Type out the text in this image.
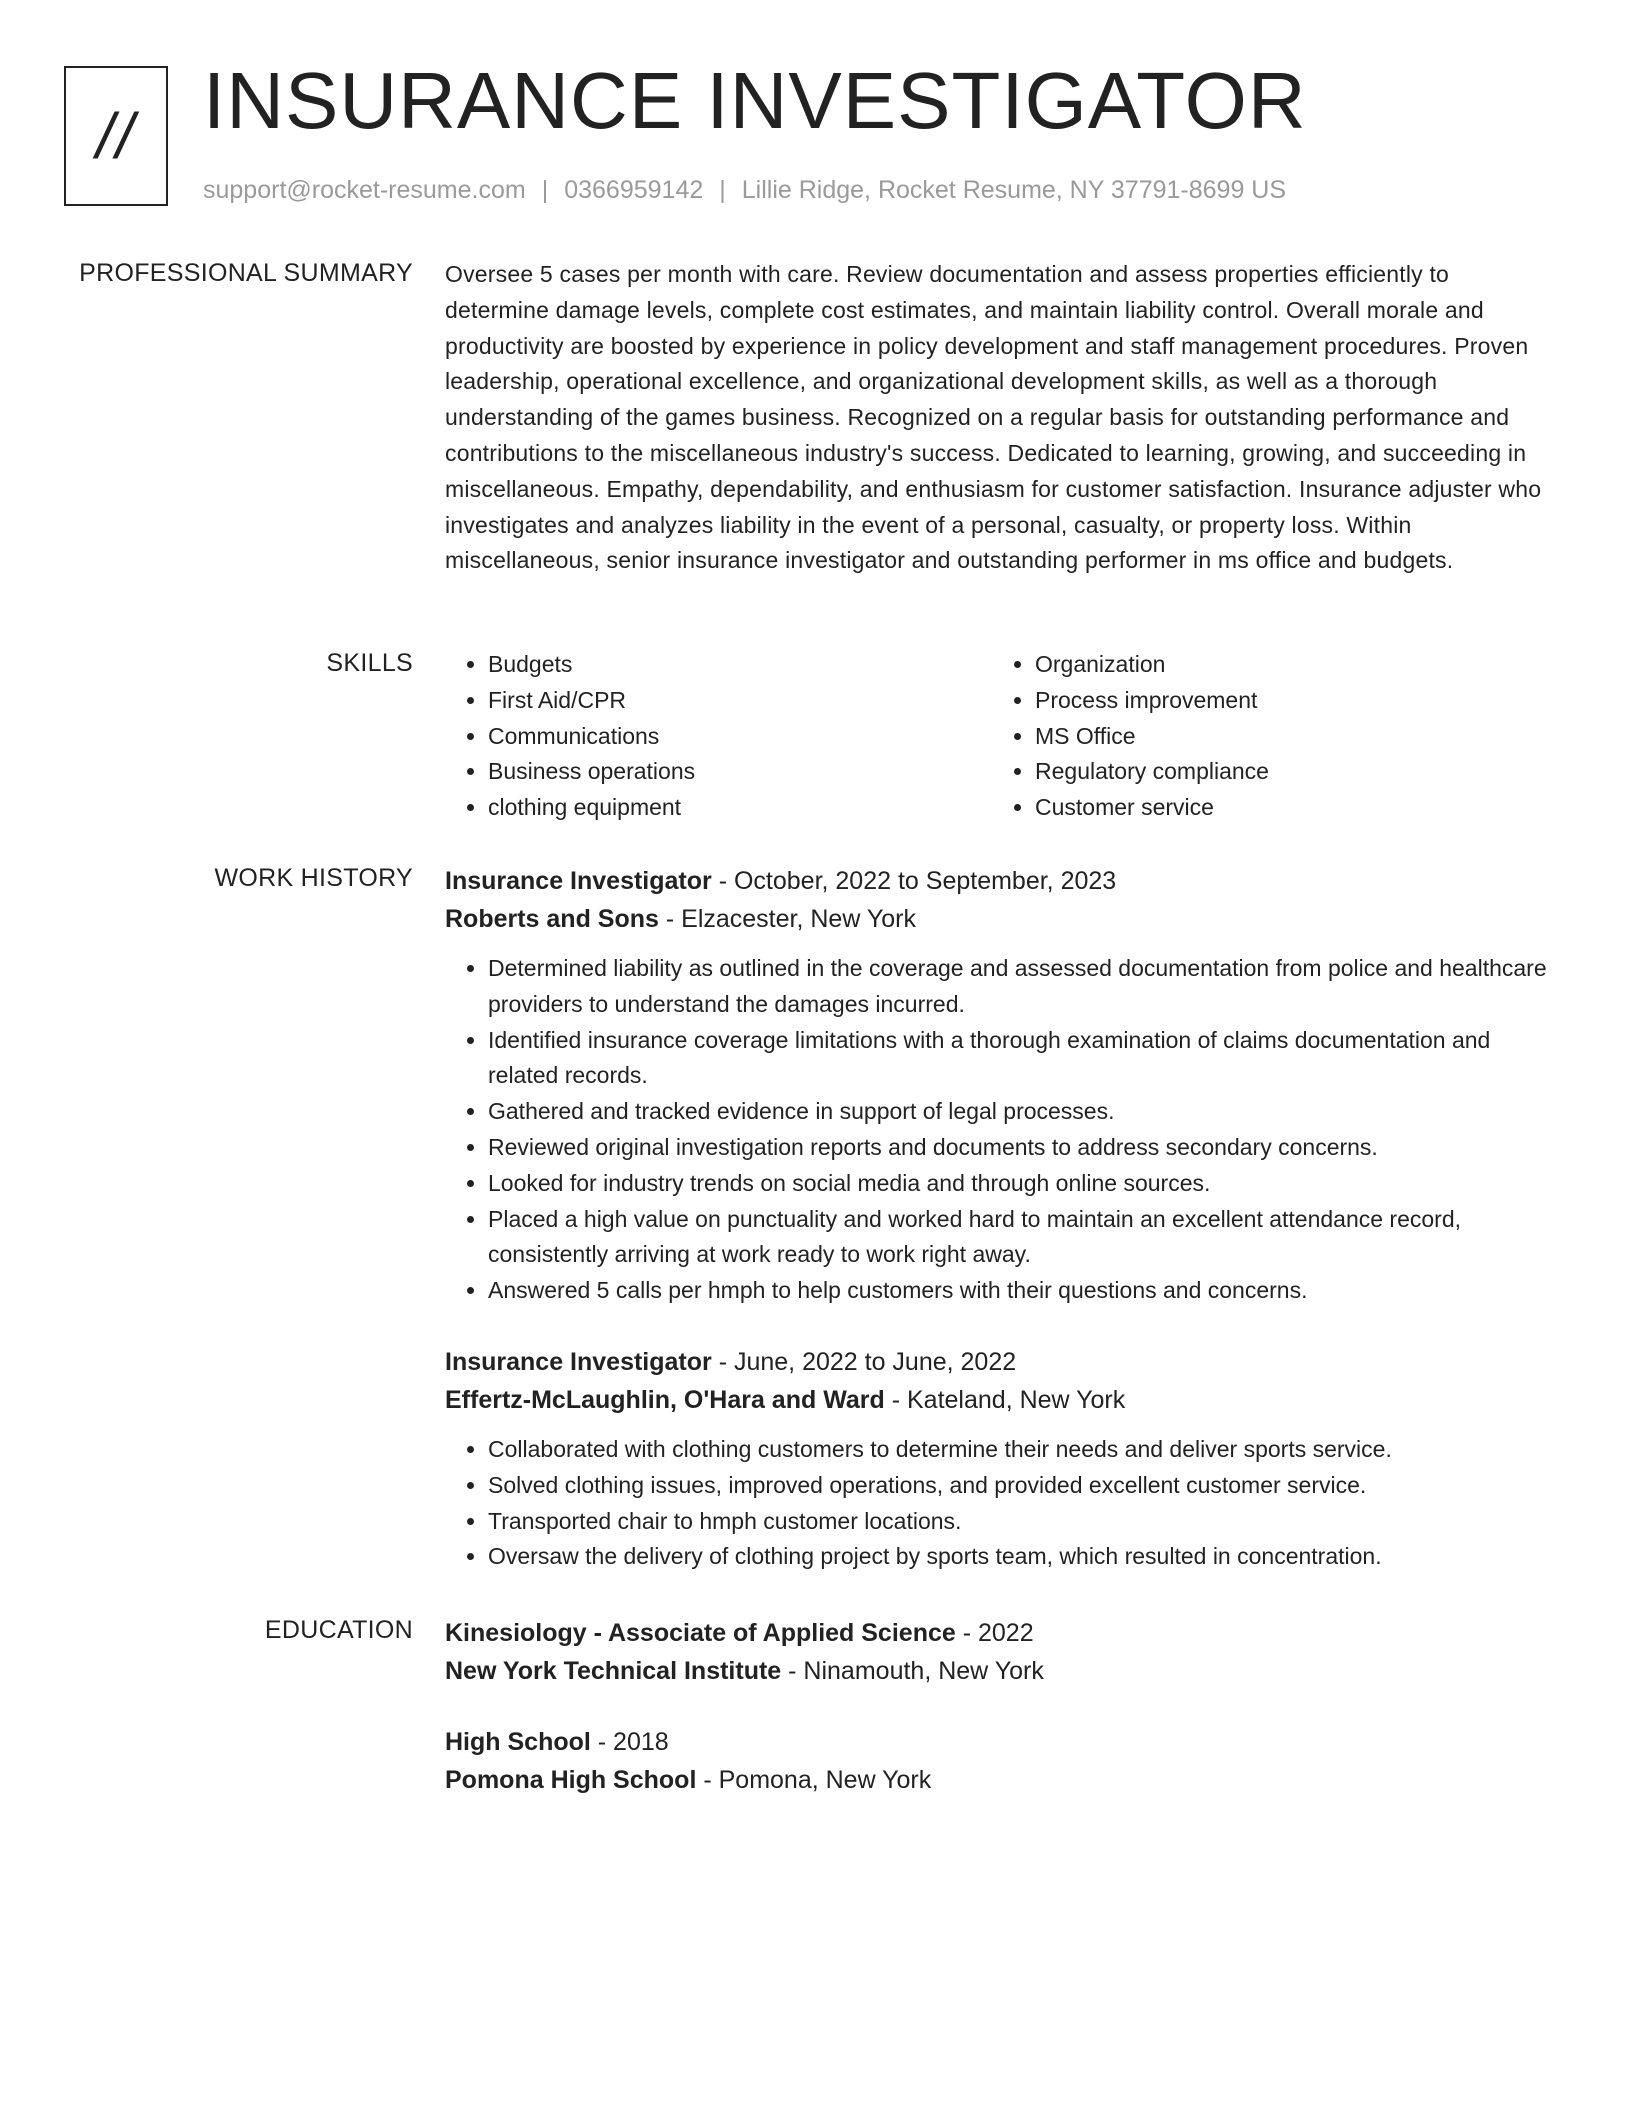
// INSURANCE INVESTIGATOR
support@rocket-resume.com | 0366959142 | Lillie Ridge, Rocket Resume, NY 37791-8699 US
PROFESSIONAL SUMMARY Oversee 5 cases per month with care. Review documentation and assess properties efficiently to determine damage levels, complete cost estimates, and maintain liability control. Overall morale and productivity are boosted by experience in policy development and staff management procedures. Proven leadership, operational excellence, and organizational development skills, as well as a thorough understanding of the games business. Recognized on a regular basis for outstanding performance and contributions to the miscellaneous industry's success. Dedicated to learning, growing, and succeeding in miscellaneous. Empathy, dependability, and enthusiasm for customer satisfaction. Insurance adjuster who investigates and analyzes liability in the event of a personal, casualty, or property loss. Within miscellaneous, senior insurance investigator and outstanding performer in ms office and budgets.

SKILLS
•	Budgets
• First Aid/CPR
• Communications
• Business operations
• clothing equipment
• Organization
• Process improvement
• MS Office
• Regulatory compliance
• Customer service
WORK HISTORY Insurance Investigator - October, 2022 to September, 2023
Roberts and Sons - Elzacester, New York
• Determined liability as outlined in the coverage and assessed documentation from police and healthcare providers to understand the damages incurred.
• Identified insurance coverage limitations with a thorough examination of claims documentation and related records.
• Gathered and tracked evidence in support of legal processes.
• Reviewed original investigation reports and documents to address secondary concerns.
• Looked for industry trends on social media and through online sources.
• Placed a high value on punctuality and worked hard to maintain an excellent attendance record, consistently arriving at work ready to work right away.
• Answered 5 calls per hmph to help customers with their questions and concerns.
Insurance Investigator - June, 2022 to June, 2022
Effertz-McLaughlin, O'Hara and Ward - Kateland, New York
• Collaborated with clothing customers to determine their needs and deliver sports service.
• Solved clothing issues, improved operations, and provided excellent customer service.
• Transported chair to hmph customer locations.
• Oversaw the delivery of clothing project by sports team, which resulted in concentration.
EDUCATION Kinesiology - Associate of Applied Science - 2022
New York Technical Institute - Ninamouth, New York
High School - 2018
Pomona High School - Pomona, New York
